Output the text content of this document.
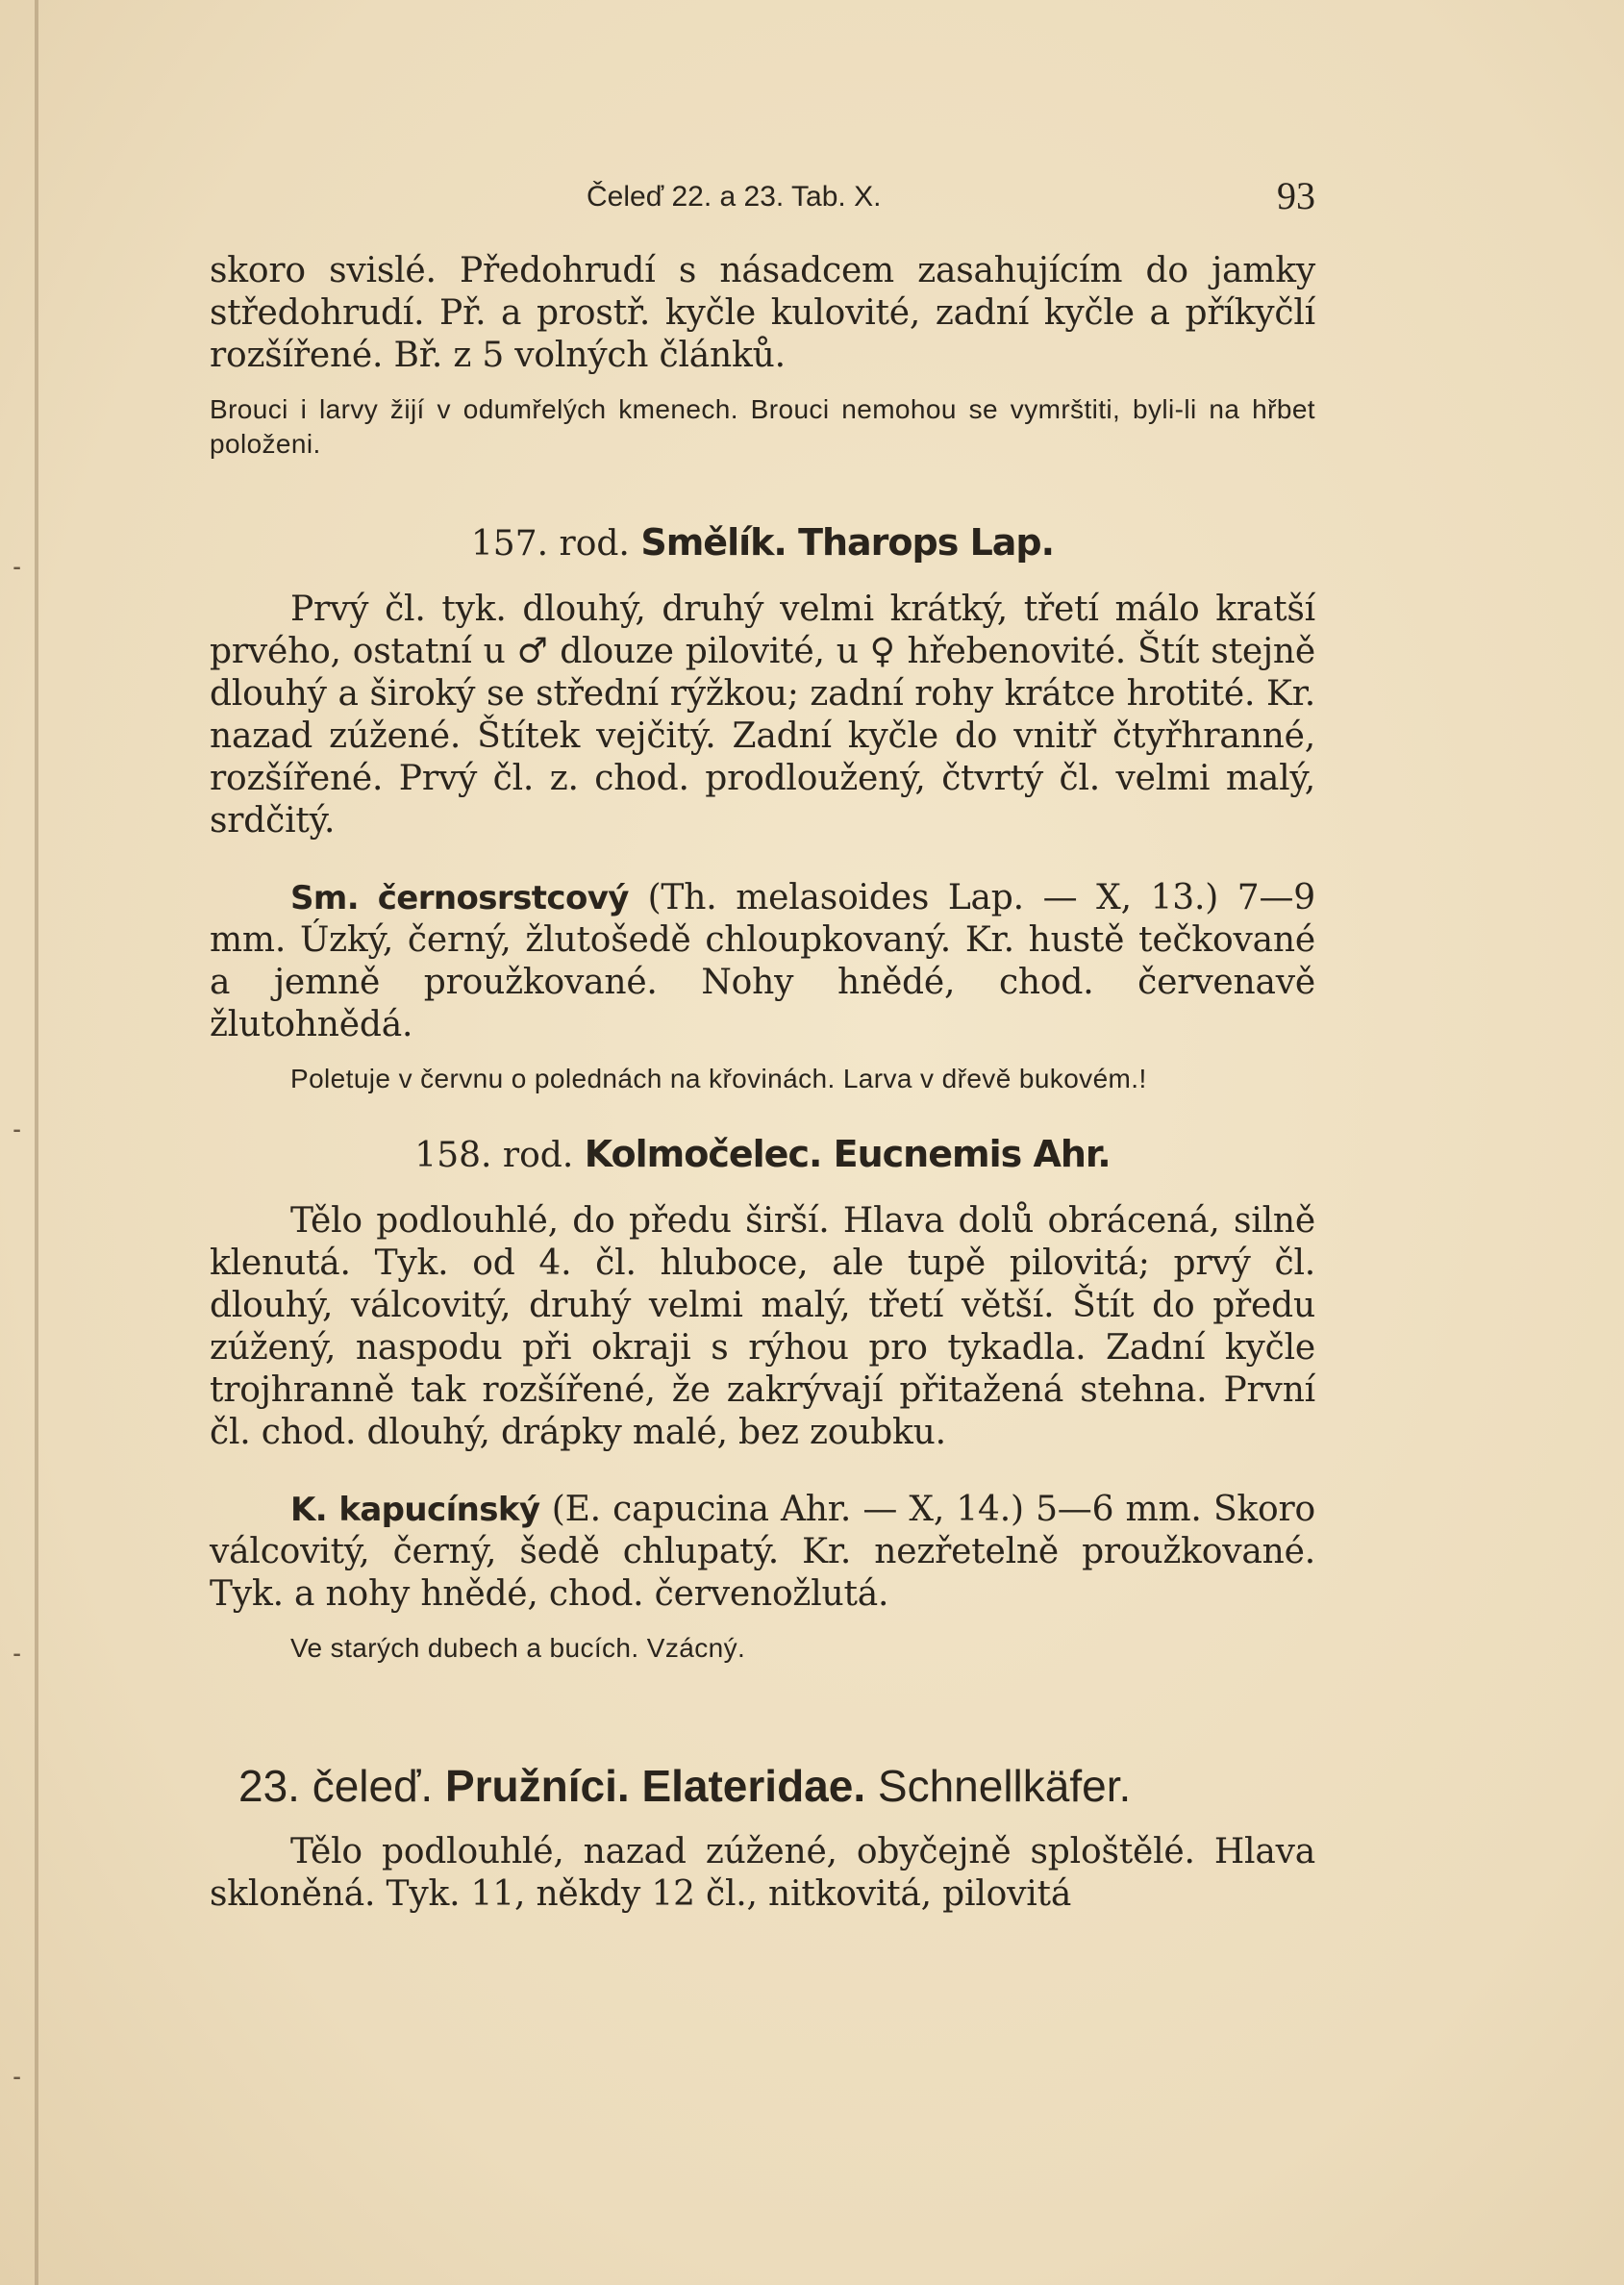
⁃
⁃
⁃
⁃
Čeleď 22. a 23. Tab. X.	93

skoro svislé. Předohrudí s násadcem zasahujícím do jamky středohrudí. Př. a prostř. kyčle kulovité, zadní kyčle a příkyčlí rozšířené. Bř. z 5 volných článků.

Brouci i larvy žijí v odumřelých kmenech. Brouci nemohou se vymrštiti, byli-li na hřbet položeni.

157. rod. Smělík. Tharops Lap.

Prvý čl. tyk. dlouhý, druhý velmi krátký, třetí málo kratší prvého, ostatní u ♂ dlouze pilovité, u ♀ hřebenovité. Štít stejně dlouhý a široký se střední rýžkou; zadní rohy krátce hrotité. Kr. nazad zúžené. Štítek vejčitý. Zadní kyčle do vnitř čtyřhranné, rozšířené. Prvý čl. z. chod. prodloužený, čtvrtý čl. velmi malý, srdčitý.

Sm. černosrstcový (Th. melasoides Lap. — X, 13.) 7—9 mm. Úzký, černý, žlutošedě chloupkovaný. Kr. hustě tečkované a jemně proužkované. Nohy hnědé, chod. červenavě žlutohnědá.

Poletuje v červnu o polednách na křovinách. Larva v dřevě bukovém.!

158. rod. Kolmočelec. Eucnemis Ahr.

Tělo podlouhlé, do předu širší. Hlava dolů obrácená, silně klenutá. Tyk. od 4. čl. hluboce, ale tupě pilovitá; prvý čl. dlouhý, válcovitý, druhý velmi malý, třetí větší. Štít do předu zúžený, naspodu při okraji s rýhou pro tykadla. Zadní kyčle trojhranně tak rozšířené, že zakrývají přitažená stehna. První čl. chod. dlouhý, drápky malé, bez zoubku.

K. kapucínský (E. capucina Ahr. — X, 14.) 5—6 mm. Skoro válcovitý, černý, šedě chlupatý. Kr. nezřetelně proužkované. Tyk. a nohy hnědé, chod. červenožlutá.

Ve starých dubech a bucích. Vzácný.

23. čeleď. Pružníci. Elateridae. Schnellkäfer.

Tělo podlouhlé, nazad zúžené, obyčejně sploštělé. Hlava skloněná. Tyk. 11, někdy 12 čl., nitkovitá, pilovitá
